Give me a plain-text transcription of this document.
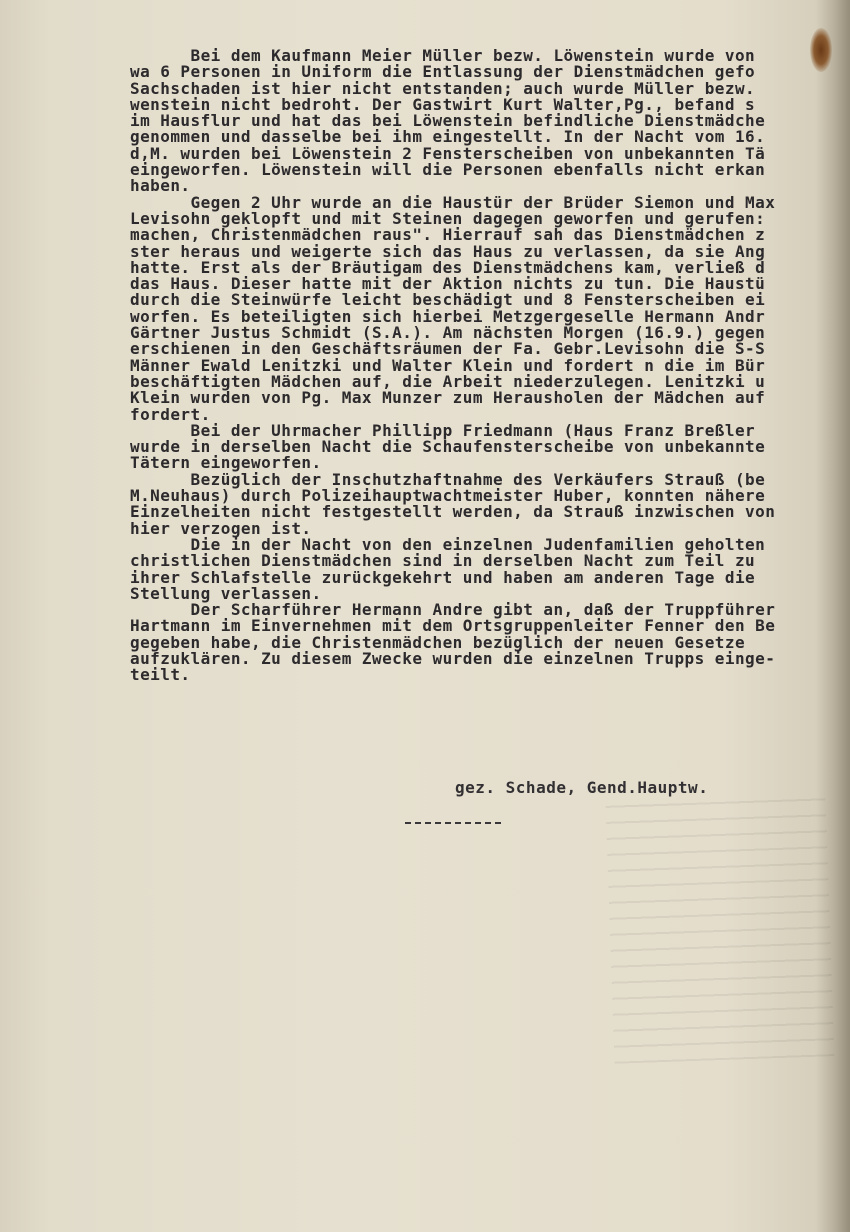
Bei dem Kaufmann Meier Müller bezw. Löwenstein wurde von
wa 6 Personen in Uniform die Entlassung der Dienstmädchen gefo
Sachschaden ist hier nicht entstanden; auch wurde Müller bezw.
wenstein nicht bedroht. Der Gastwirt Kurt Walter,Pg., befand s
im Hausflur und hat das bei Löwenstein befindliche Dienstmädche
genommen und dasselbe bei ihm eingestellt. In der Nacht vom 16.
d,M. wurden bei Löwenstein 2 Fensterscheiben von unbekannten Tä
eingeworfen. Löwenstein will die Personen ebenfalls nicht erkan
haben.
Gegen 2 Uhr wurde an die Haustür der Brüder Siemon und Max
Levisohn geklopft und mit Steinen dagegen geworfen und gerufen:
machen, Christenmädchen raus". Hierrauf sah das Dienstmädchen z
ster heraus und weigerte sich das Haus zu verlassen, da sie Ang
hatte. Erst als der Bräutigam des Dienstmädchens kam, verließ d
das Haus. Dieser hatte mit der Aktion nichts zu tun. Die Haustü
durch die Steinwürfe leicht beschädigt und 8 Fensterscheiben ei
worfen. Es beteiligten sich hierbei Metzgergeselle Hermann Andr
Gärtner Justus Schmidt (S.A.). Am nächsten Morgen (16.9.) gegen
erschienen in den Geschäftsräumen der Fa. Gebr.Levisohn die S-S
Männer Ewald Lenitzki und Walter Klein und fordert n die im Bür
beschäftigten Mädchen auf, die Arbeit niederzulegen. Lenitzki u
Klein wurden von Pg. Max Munzer zum Herausholen der Mädchen auf
fordert.
Bei der Uhrmacher Phillipp Friedmann (Haus Franz Breßler
wurde in derselben Nacht die Schaufensterscheibe von unbekannte
Tätern eingeworfen.
Bezüglich der Inschutzhaftnahme des Verkäufers Strauß (be
M.Neuhaus) durch Polizeihauptwachtmeister Huber, konnten nähere
Einzelheiten nicht festgestellt werden, da Strauß inzwischen von
hier verzogen ist.
Die in der Nacht von den einzelnen Judenfamilien geholten
christlichen Dienstmädchen sind in derselben Nacht zum Teil zu
ihrer Schlafstelle zurückgekehrt und haben am anderen Tage die
Stellung verlassen.
Der Scharführer Hermann Andre gibt an, daß der Truppführer
Hartmann im Einvernehmen mit dem Ortsgruppenleiter Fenner den Be
gegeben habe, die Christenmädchen bezüglich der neuen Gesetze
aufzuklären. Zu diesem Zwecke wurden die einzelnen Trupps einge-
teilt.
gez. Schade, Gend.Hauptw.
